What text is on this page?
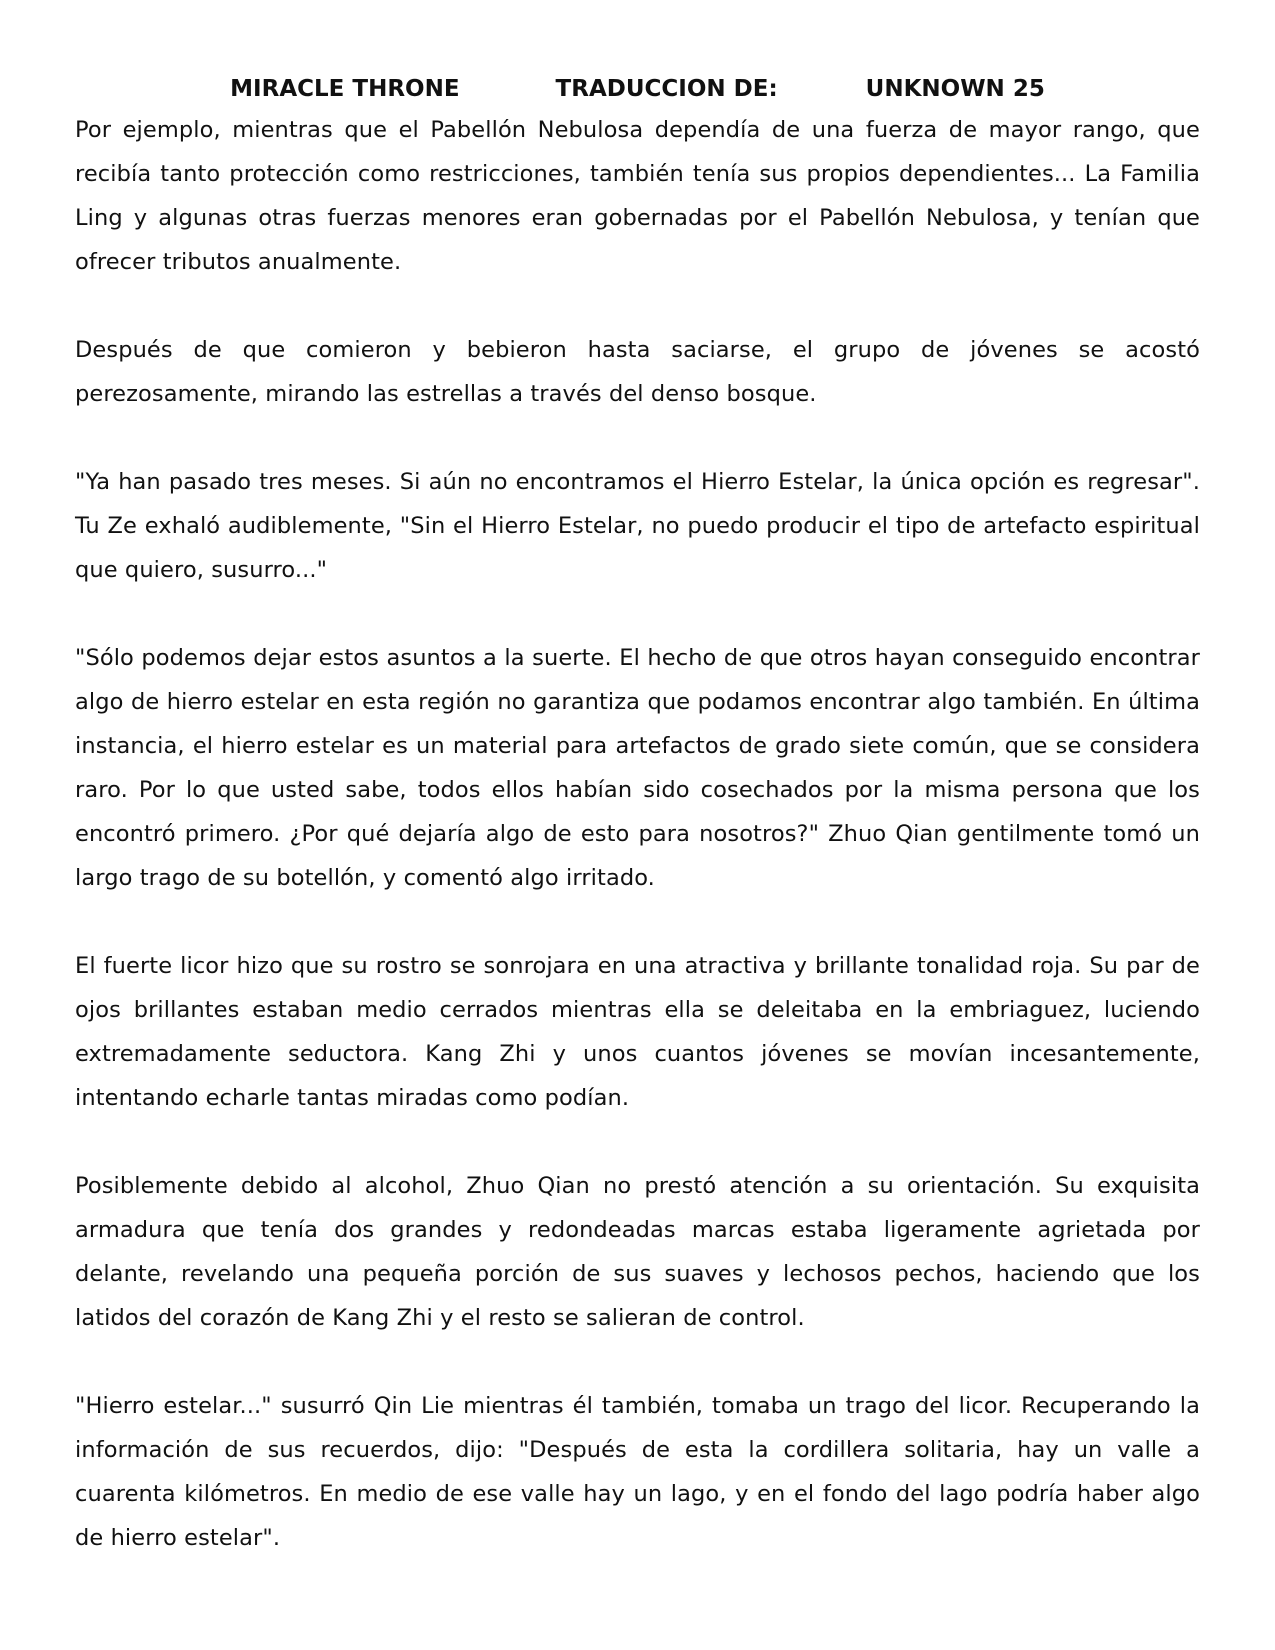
MIRACLE THRONE	TRADUCCION DE:	UNKNOWN 25

Por ejemplo, mientras que el Pabellón Nebulosa dependía de una fuerza de mayor rango, que recibía tanto protección como restricciones, también tenía sus propios dependientes... La Familia Ling y algunas otras fuerzas menores eran gobernadas por el Pabellón Nebulosa, y tenían que ofrecer tributos anualmente.

Después de que comieron y bebieron hasta saciarse, el grupo de jóvenes se acostó perezosamente, mirando las estrellas a través del denso bosque.

"Ya han pasado tres meses. Si aún no encontramos el Hierro Estelar, la única opción es regresar". Tu Ze exhaló audiblemente, "Sin el Hierro Estelar, no puedo producir el tipo de artefacto espiritual que quiero, susurro..."

"Sólo podemos dejar estos asuntos a la suerte. El hecho de que otros hayan conseguido encontrar algo de hierro estelar en esta región no garantiza que podamos encontrar algo también. En última instancia, el hierro estelar es un material para artefactos de grado siete común, que se considera raro. Por lo que usted sabe, todos ellos habían sido cosechados por la misma persona que los encontró primero. ¿Por qué dejaría algo de esto para nosotros?" Zhuo Qian gentilmente tomó un largo trago de su botellón, y comentó algo irritado.

El fuerte licor hizo que su rostro se sonrojara en una atractiva y brillante tonalidad roja. Su par de ojos brillantes estaban medio cerrados mientras ella se deleitaba en la embriaguez, luciendo extremadamente seductora. Kang Zhi y unos cuantos jóvenes se movían incesantemente, intentando echarle tantas miradas como podían.

Posiblemente debido al alcohol, Zhuo Qian no prestó atención a su orientación. Su exquisita armadura que tenía dos grandes y redondeadas marcas estaba ligeramente agrietada por delante, revelando una pequeña porción de sus suaves y lechosos pechos, haciendo que los latidos del corazón de Kang Zhi y el resto se salieran de control.

"Hierro estelar..." susurró Qin Lie mientras él también, tomaba un trago del licor. Recuperando la información de sus recuerdos, dijo: "Después de esta la cordillera solitaria, hay un valle a cuarenta kilómetros. En medio de ese valle hay un lago, y en el fondo del lago podría haber algo de hierro estelar".
